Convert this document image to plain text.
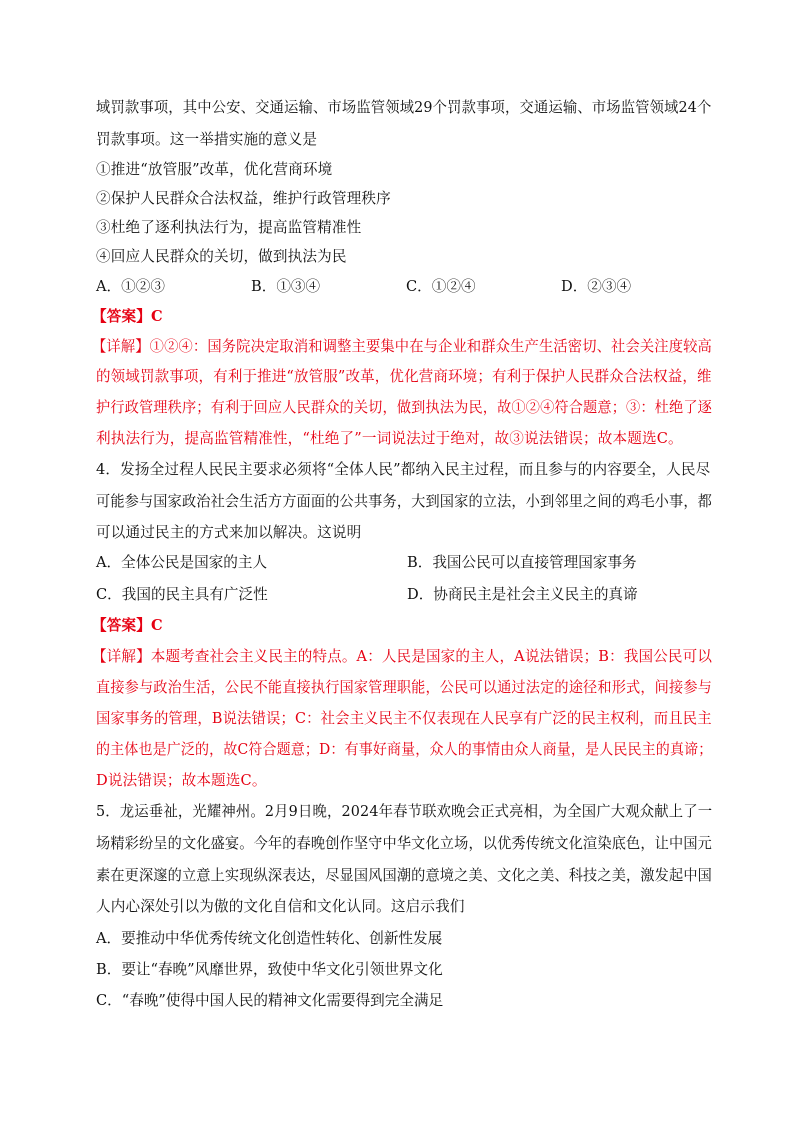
域罚款事项，其中公安、交通运输、市场监管领域29个罚款事项，交通运输、市场监管领域24个
罚款事项。这一举措实施的意义是
①推进“放管服”改革，优化营商环境
②保护人民群众合法权益，维护行政管理秩序
③杜绝了逐利执法行为，提高监管精准性
④回应人民群众的关切，做到执法为民
A．①②③	B．①③④	C．①②④	D．②③④
【答案】C
【详解】①②④：国务院决定取消和调整主要集中在与企业和群众生产生活密切、社会关注度较高
的领域罚款事项，有利于推进“放管服”改革，优化营商环境；有利于保护人民群众合法权益，维
护行政管理秩序；有利于回应人民群众的关切，做到执法为民，故①②④符合题意；③：杜绝了逐
利执法行为，提高监管精准性，“杜绝了”一词说法过于绝对，故③说法错误；故本题选C。
4．发扬全过程人民民主要求必须将“全体人民”都纳入民主过程，而且参与的内容要全，人民尽
可能参与国家政治社会生活方方面面的公共事务，大到国家的立法，小到邻里之间的鸡毛小事，都
可以通过民主的方式来加以解决。这说明
A．全体公民是国家的主人	B．我国公民可以直接管理国家事务
C．我国的民主具有广泛性	D．协商民主是社会主义民主的真谛
【答案】C
【详解】本题考查社会主义民主的特点。A：人民是国家的主人，A说法错误；B：我国公民可以
直接参与政治生活，公民不能直接执行国家管理职能，公民可以通过法定的途径和形式，间接参与
国家事务的管理，B说法错误；C：社会主义民主不仅表现在人民享有广泛的民主权利，而且民主
的主体也是广泛的，故C符合题意；D：有事好商量，众人的事情由众人商量，是人民民主的真谛；
D说法错误；故本题选C。
5．龙运垂祉，光耀神州。2月9日晚，2024年春节联欢晚会正式亮相，为全国广大观众献上了一
场精彩纷呈的文化盛宴。今年的春晚创作坚守中华文化立场，以优秀传统文化渲染底色，让中国元
素在更深邃的立意上实现纵深表达，尽显国风国潮的意境之美、文化之美、科技之美，激发起中国
人内心深处引以为傲的文化自信和文化认同。这启示我们
A．要推动中华优秀传统文化创造性转化、创新性发展
B．要让“春晚”风靡世界，致使中华文化引领世界文化
C．“春晚”使得中国人民的精神文化需要得到完全满足
